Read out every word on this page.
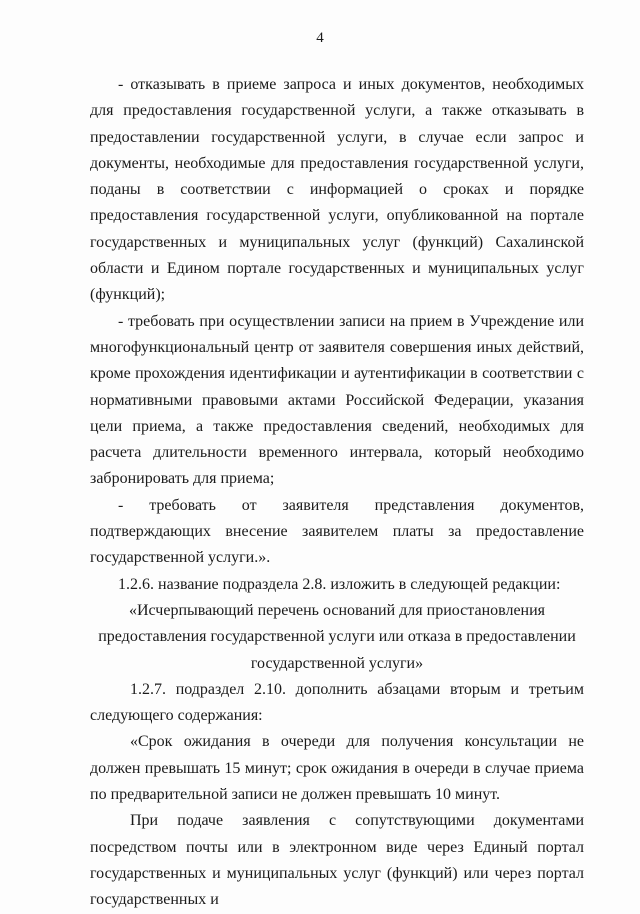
4

- отказывать в приеме запроса и иных документов, необходимых для предоставления государственной услуги, а также отказывать в предоставлении государственной услуги, в случае если запрос и документы, необходимые для предоставления государственной услуги, поданы в соответствии с информацией о сроках и порядке предоставления государственной услуги, опубликованной на портале государственных и муниципальных услуг (функций) Сахалинской области и Едином портале государственных и муниципальных услуг (функций);

- требовать при осуществлении записи на прием в Учреждение или многофункциональный центр от заявителя совершения иных действий, кроме прохождения идентификации и аутентификации в соответствии с нормативными правовыми актами Российской Федерации, указания цели приема, а также предоставления сведений, необходимых для расчета длительности временного интервала, который необходимо забронировать для приема;

- требовать от заявителя представления документов, подтверждающих внесение заявителем платы за предоставление государственной услуги.».

1.2.6. название подраздела 2.8. изложить в следующей редакции:

«Исчерпывающий перечень оснований для приостановления предоставления государственной услуги или отказа в предоставлении государственной услуги»

1.2.7. подраздел 2.10. дополнить абзацами вторым и третьим следующего содержания:

«Срок ожидания в очереди для получения консультации не должен превышать 15 минут; срок ожидания в очереди в случае приема по предварительной записи не должен превышать 10 минут.

При подаче заявления с сопутствующими документами посредством почты или в электронном виде через Единый портал государственных и муниципальных услуг (функций) или через портал государственных и
